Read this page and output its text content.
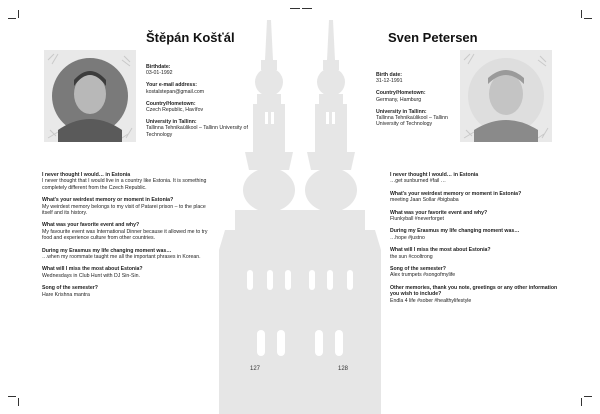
Štěpán Košťál
Birthdate:
03-01-1992
Your e-mail address:
kostalstepan@gmail.com
Country/Hometown:
Czech Republic, Havířov
University in Tallinn:
Tallinna Tehnikaülikool – Tallinn University of Technology
I never thought I would… in Estonia
I never thought that I would live in a country like Estonia. It is something completely different from the Czech Republic.
What's your weirdest memory or moment in Estonia?
My weirdest memory belongs to my visit of Patarei prison – to the place itself and its history.
What was your favorite event and why?
My favourite event was International Dinner because it allowed me to try food and experience culture from other countries.
During my Erasmus my life changing moment was…
…when my roommate taught me all the important phrases in Korean.
What will I miss the most about Estonia?
Wednesdays in Club Hunt with DJ Sin-Sin.
Song of the semester?
Hare Krishna mantra
127
Sven Petersen
Birth date:
31-12-1991
Country/Hometown:
Germany, Hamburg
University in Tallinn:
Tallinna Tehnikaülikool – Tallinn University of Technology
I never thought I would… in Estonia
…get sunburned #fail …
What's your weirdest memory or moment in Estonia?
meeting Jaan Sollar #bigbaba
What was your favorite event and why?
Flunkyball #neverforget
During my Erasmus my life changing moment was…
…hope #justno
What will I miss the most about Estonia?
the sun #cooltrong
Song of the semester?
Alex trumpets #songofmylife
Other memories, thank you note, greetings or any other information you wish to include?
Endla 4 life #sober #healthylifestyle
128
